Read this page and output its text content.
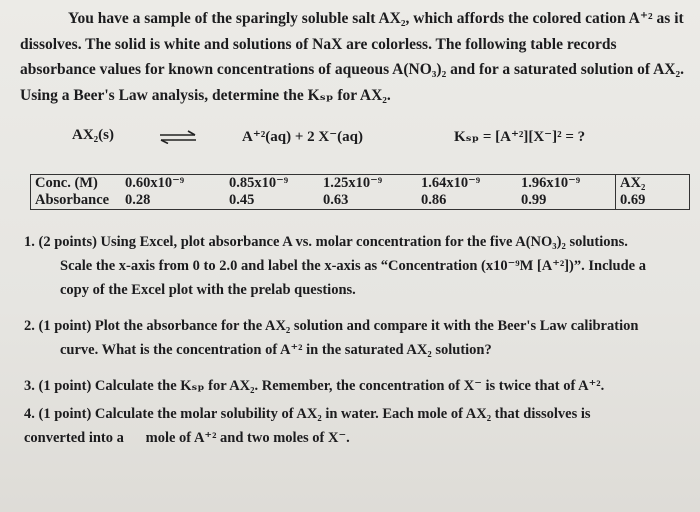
You have a sample of the sparingly soluble salt AX₂, which affords the colored cation A⁺² as it
dissolves. The solid is white and solutions of NaX are colorless. The following table records
absorbance values for known concentrations of aqueous A(NO₃)₂ and for a saturated solution of AX₂.
Using a Beer's Law analysis, determine the Kₛₚ for AX₂.
AX₂(s)	A⁺²(aq) + 2 X⁻(aq)	Kₛₚ = [A⁺²][X⁻]² = ?
Conc. (M)	0.60x10⁻⁹	0.85x10⁻⁹	1.25x10⁻⁹	1.64x10⁻⁹	1.96x10⁻⁹	AX₂
Absorbance	0.28	0.45	0.63	0.86	0.99	0.69
1. (2 points) Using Excel, plot absorbance A vs. molar concentration for the five A(NO₃)₂ solutions.
Scale the x-axis from 0 to 2.0 and label the x-axis as “Concentration (x10⁻⁹M [A⁺²])”. Include a
copy of the Excel plot with the prelab questions.
2. (1 point) Plot the absorbance for the AX₂ solution and compare it with the Beer's Law calibration
curve. What is the concentration of A⁺² in the saturated AX₂ solution?
3. (1 point) Calculate the Kₛₚ for AX₂. Remember, the concentration of X⁻ is twice that of A⁺².
4. (1 point) Calculate the molar solubility of AX₂ in water. Each mole of AX₂ that dissolves is
converted into a      mole of A⁺² and two moles of X⁻.
